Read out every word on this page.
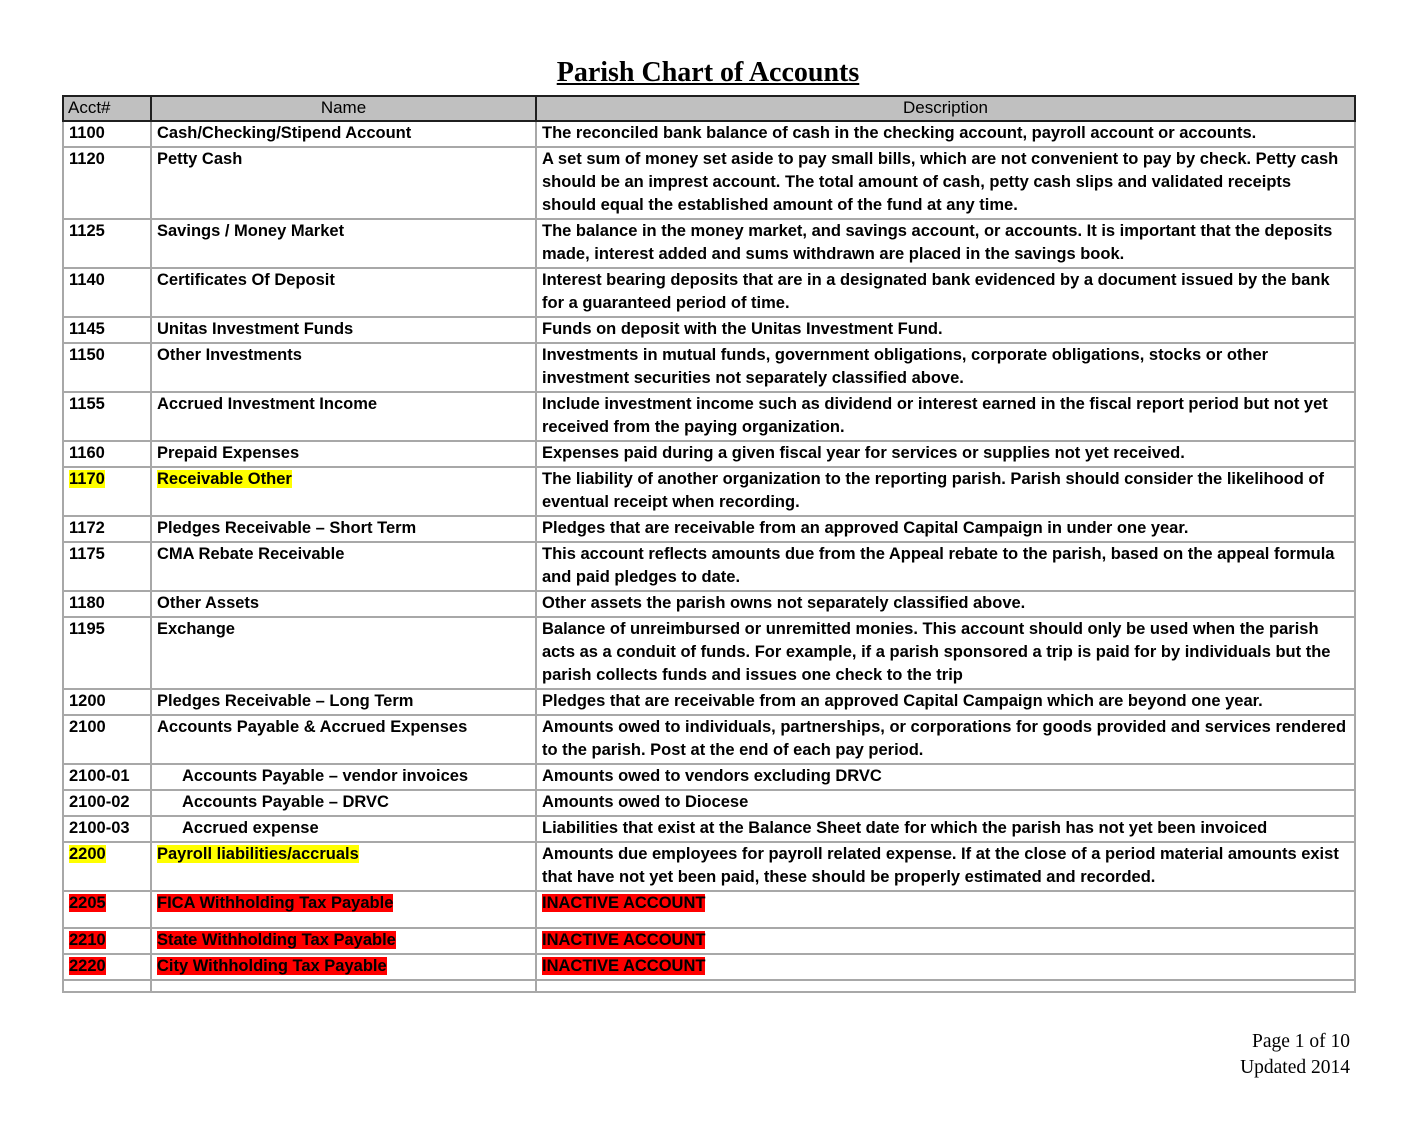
Parish Chart of Accounts
Acct#	Name	Description
1100	Cash/Checking/Stipend Account	The reconciled bank balance of cash in the checking account, payroll account or accounts.
1120	Petty Cash	A set sum of money set aside to pay small bills, which are not convenient to pay by check. Petty cash should be an imprest account. The total amount of cash, petty cash slips and validated receipts should equal the established amount of the fund at any time.
1125	Savings / Money Market	The balance in the money market, and savings account, or accounts. It is important that the deposits made, interest added and sums withdrawn are placed in the savings book.
1140	Certificates Of Deposit	Interest bearing deposits that are in a designated bank evidenced by a document issued by the bank for a guaranteed period of time.
1145	Unitas Investment Funds	Funds on deposit with the Unitas Investment Fund.
1150	Other Investments	Investments in mutual funds, government obligations, corporate obligations, stocks or other investment securities not separately classified above.
1155	Accrued Investment Income	Include investment income such as dividend or interest earned in the fiscal report period but not yet received from the paying organization.
1160	Prepaid Expenses	Expenses paid during a given fiscal year for services or supplies not yet received.
1170	Receivable Other	The liability of another organization to the reporting parish. Parish should consider the likelihood of eventual receipt when recording.
1172	Pledges Receivable – Short Term	Pledges that are receivable from an approved Capital Campaign in under one year.
1175	CMA Rebate Receivable	This account reflects amounts due from the Appeal rebate to the parish, based on the appeal formula and paid pledges to date.
1180	Other Assets	Other assets the parish owns not separately classified above.
1195	Exchange	Balance of unreimbursed or unremitted monies. This account should only be used when the parish acts as a conduit of funds. For example, if a parish sponsored a trip is paid for by individuals but the parish collects funds and issues one check to the trip
1200	Pledges Receivable – Long Term	Pledges that are receivable from an approved Capital Campaign which are beyond one year.
2100	Accounts Payable & Accrued Expenses	Amounts owed to individuals, partnerships, or corporations for goods provided and services rendered to the parish. Post at the end of each pay period.
2100-01	Accounts Payable – vendor invoices	Amounts owed to vendors excluding DRVC
2100-02	Accounts Payable – DRVC	Amounts owed to Diocese
2100-03	Accrued expense	Liabilities that exist at the Balance Sheet date for which the parish has not yet been invoiced
2200	Payroll liabilities/accruals	Amounts due employees for payroll related expense. If at the close of a period material amounts exist that have not yet been paid, these should be properly estimated and recorded.
2205	FICA Withholding Tax Payable	INACTIVE ACCOUNT
2210	State Withholding Tax Payable	INACTIVE ACCOUNT
2220	City Withholding Tax Payable	INACTIVE ACCOUNT

Page 1 of 10
Updated 2014
